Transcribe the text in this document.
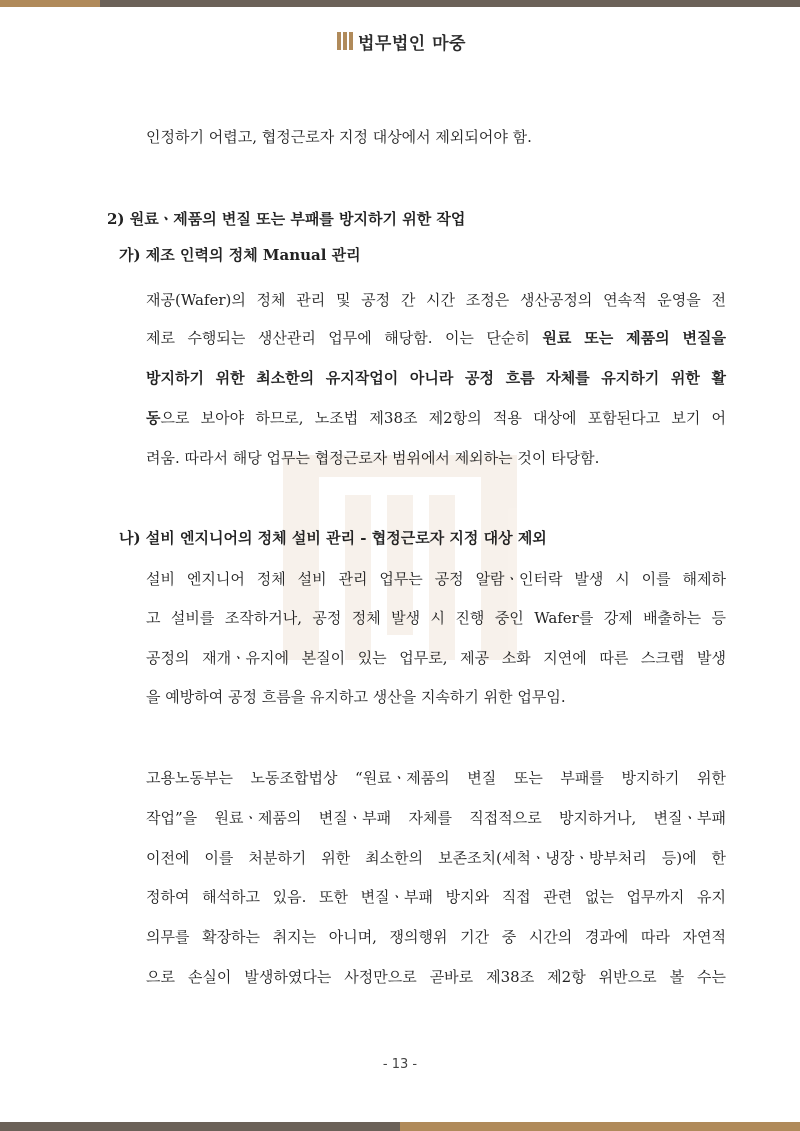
법무법인 마중
인정하기 어렵고, 협정근로자 지정 대상에서 제외되어야 함.
2) 원료ㆍ제품의 변질 또는 부패를 방지하기 위한 작업
가) 제조 인력의 정체 Manual 관리
재공(Wafer)의 정체 관리 및 공정 간 시간 조정은 생산공정의 연속적 운영을 전
제로 수행되는 생산관리 업무에 해당함. 이는 단순히 원료 또는 제품의 변질을
방지하기 위한 최소한의 유지작업이 아니라 공정 흐름 자체를 유지하기 위한 활
동으로 보아야 하므로, 노조법 제38조 제2항의 적용 대상에 포함된다고 보기 어
려움. 따라서 해당 업무는 협정근로자 범위에서 제외하는 것이 타당함.
나) 설비 엔지니어의 정체 설비 관리 - 협정근로자 지정 대상 제외
설비 엔지니어 정체 설비 관리 업무는 공정 알람ㆍ인터락 발생 시 이를 해제하
고 설비를 조작하거나, 공정 정체 발생 시 진행 중인 Wafer를 강제 배출하는 등
공정의 재개ㆍ유지에 본질이 있는 업무로, 제공 소화 지연에 따른 스크랩 발생
을 예방하여 공정 흐름을 유지하고 생산을 지속하기 위한 업무임.
고용노동부는 노동조합법상 “원료ㆍ제품의 변질 또는 부패를 방지하기 위한
작업”을 원료ㆍ제품의 변질ㆍ부패 자체를 직접적으로 방지하거나, 변질ㆍ부패
이전에 이를 처분하기 위한 최소한의 보존조치(세척ㆍ냉장ㆍ방부처리 등)에 한
정하여 해석하고 있음. 또한 변질ㆍ부패 방지와 직접 관련 없는 업무까지 유지
의무를 확장하는 취지는 아니며, 쟁의행위 기간 중 시간의 경과에 따라 자연적
으로 손실이 발생하였다는 사정만으로 곧바로 제38조 제2항 위반으로 볼 수는
- 13 -
